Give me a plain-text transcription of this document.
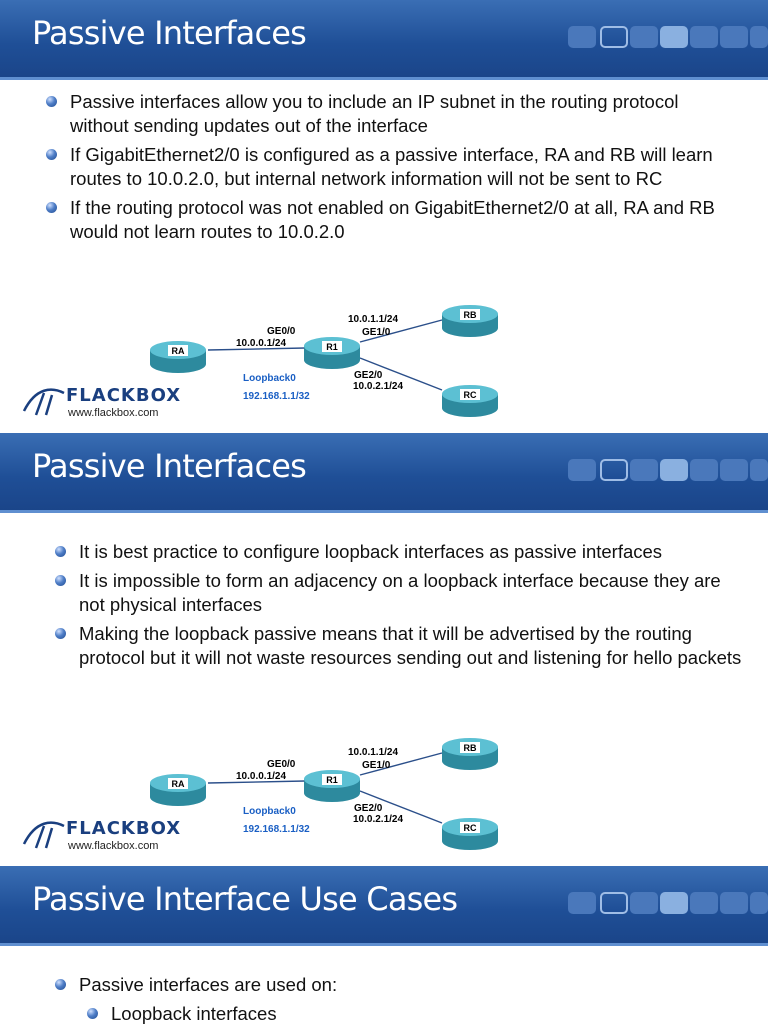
Passive Interfaces
Passive interfaces allow you to include an IP subnet in the routing protocol without sending updates out of the interface
If GigabitEthernet2/0 is configured as a passive interface, RA and RB will learn routes to 10.0.2.0, but internal network information will not be sent to RC
If the routing protocol was not enabled on GigabitEthernet2/0 at all, RA and RB would not learn routes to 10.0.2.0
RA	R1
RB
RC
GE0/0
10.0.0.1/24
10.0.1.1/24
GE1/0
GE2/0
10.0.2.1/24
Loopback0
192.168.1.1/32
FLACKBOX
www.flackbox.com
Passive Interfaces
It is best practice to configure loopback interfaces as passive interfaces
It is impossible to form an adjacency on a loopback interface because they are not physical interfaces
Making the loopback passive means that it will be advertised by the routing protocol but it will not waste resources sending out and listening for hello packets
RA	R1
RB
RC
GE0/0
10.0.0.1/24
10.0.1.1/24
GE1/0
GE2/0
10.0.2.1/24
Loopback0
192.168.1.1/32
FLACKBOX
www.flackbox.com
Passive Interface Use Cases
Passive interfaces are used on:
Loopback interfaces
